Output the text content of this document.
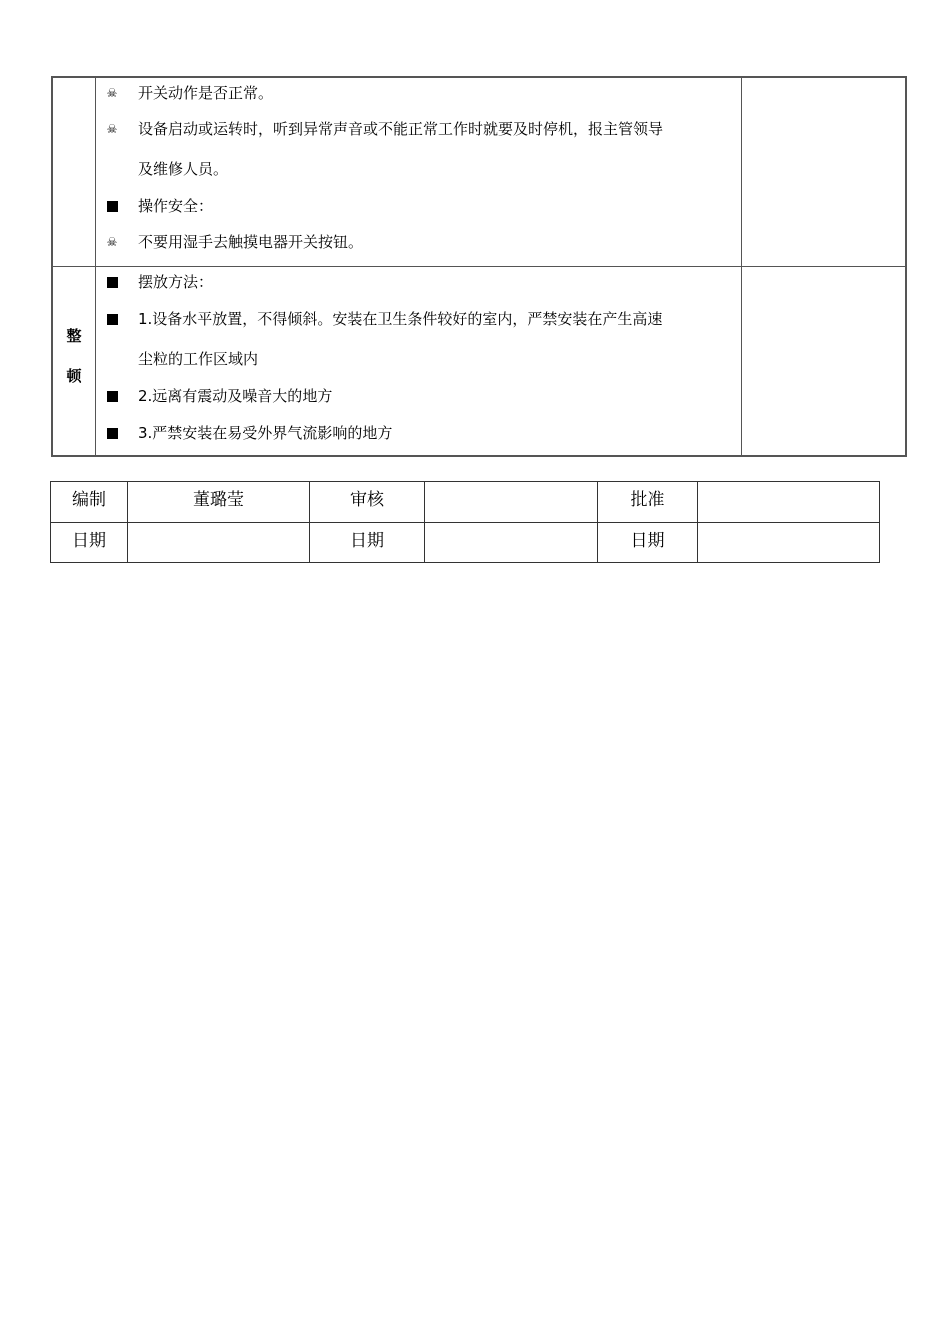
☠ 开关动作是否正常。
☠ 设备启动或运转时，听到异常声音或不能正常工作时就要及时停机，报主管领导
及维修人员。
操作安全：
☠ 不要用湿手去触摸电器开关按钮。
整
顿
摆放方法：
1.设备水平放置，不得倾斜。安装在卫生条件较好的室内，严禁安装在产生高速
尘粒的工作区域内
2.远离有震动及噪音大的地方
3.严禁安装在易受外界气流影响的地方
编制	董璐莹	审核		批准	
日期		日期		日期	
